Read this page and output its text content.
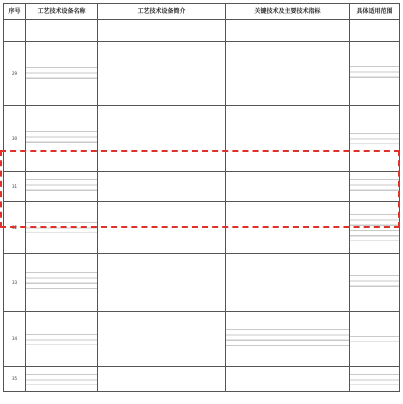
序号	工艺技术设备名称	工艺技术设备简介	关键技术及主要技术指标	具体适用范围

29	

30	

31	

32	

33	

34	

35	
